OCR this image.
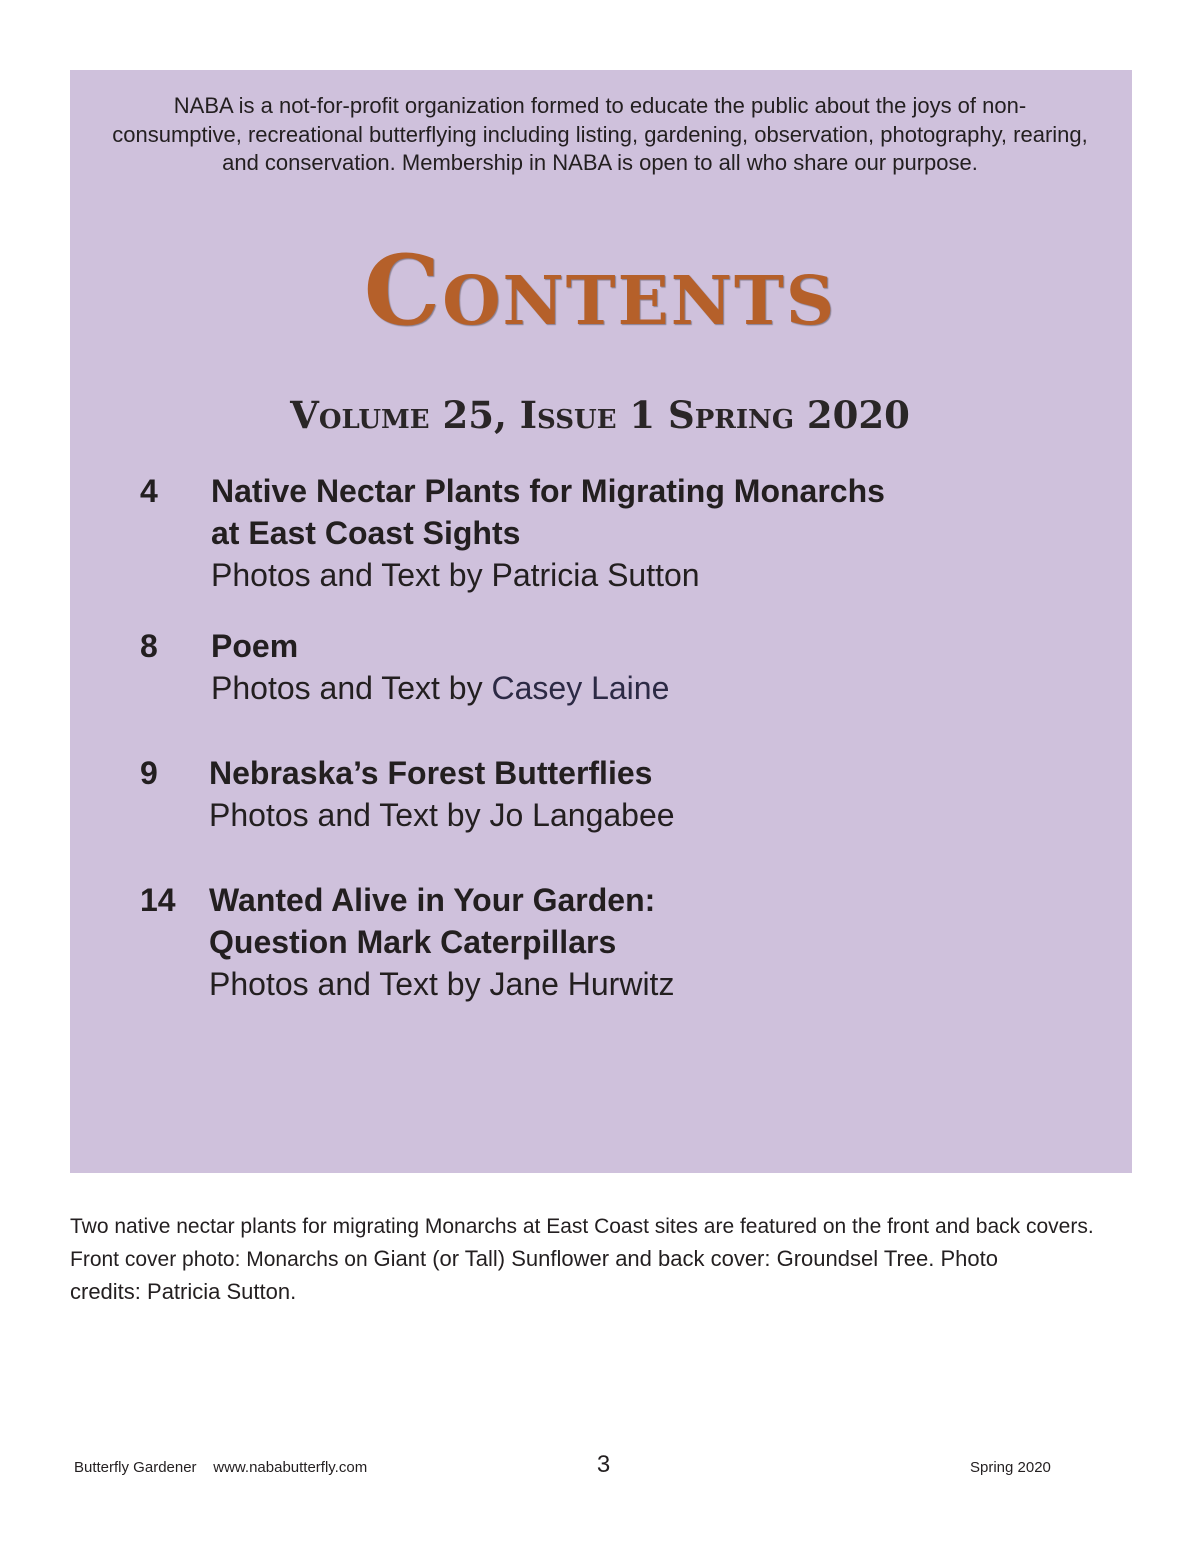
NABA is a not-for-profit organization formed to educate the public about the joys of non-consumptive, recreational butterflying including listing, gardening, observation, photography, rearing, and conservation. Membership in NABA is open to all who share our purpose.
Contents
Volume 25, Issue 1 Spring 2020
4 Native Nectar Plants for Migrating Monarchs
at East Coast Sights
Photos and Text by Patricia Sutton
8 Poem
Photos and Text by Casey Laine
9 Nebraska’s Forest Butterflies
Photos and Text by Jo Langabee
14 Wanted Alive in Your Garden:
Question Mark Caterpillars
Photos and Text by Jane Hurwitz
Two native nectar plants for migrating Monarchs at East Coast sites are featured on the front and back covers.
Front cover photo: Monarchs on Giant (or Tall) Sunflower and back cover: Groundsel Tree. Photo
credits: Patricia Sutton.
Butterfly Gardener www.nababutterfly.com	3	Spring 2020
